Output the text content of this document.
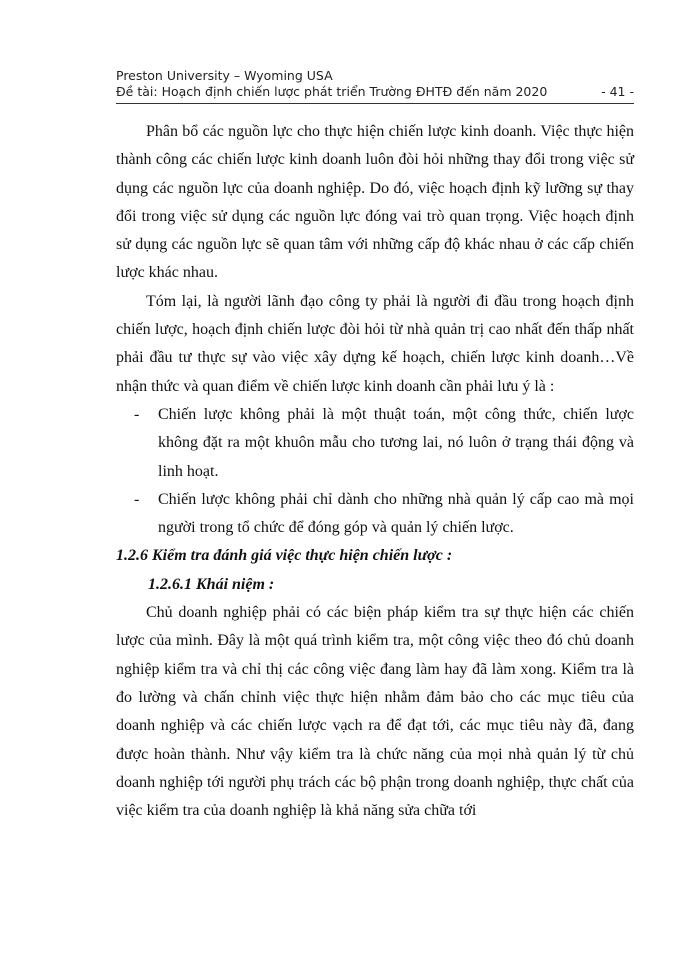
Preston University – Wyoming USA
Đề tài: Hoạch định chiến lược phát triển Trường ĐHTĐ đến năm 2020	- 41 -

Phân bổ các nguồn lực cho thực hiện chiến lược kinh doanh. Việc thực hiện thành công các chiến lược kinh doanh luôn đòi hỏi những thay đổi trong việc sử dụng các nguồn lực của doanh nghiệp. Do đó, việc hoạch định kỹ lưỡng sự thay đổi trong việc sử dụng các nguồn lực đóng vai trò quan trọng. Việc hoạch định sử dụng các nguồn lực sẽ quan tâm với những cấp độ khác nhau ở các cấp chiến lược khác nhau.

Tóm lại, là người lãnh đạo công ty phải là người đi đầu trong hoạch định chiến lược, hoạch định chiến lược đòi hỏi từ nhà quản trị cao nhất đến thấp nhất phải đầu tư thực sự vào việc xây dựng kế hoạch, chiến lược kinh doanh…Về nhận thức và quan điểm về chiến lược kinh doanh cần phải lưu ý là :

-	Chiến lược không phải là một thuật toán, một công thức, chiến lược không đặt ra một khuôn mẫu cho tương lai, nó luôn ở trạng thái động và linh hoạt.
-	Chiến lược không phải chỉ dành cho những nhà quản lý cấp cao mà mọi người trong tổ chức để đóng góp và quản lý chiến lược.

1.2.6 Kiểm tra đánh giá việc thực hiện chiến lược :

1.2.6.1 Khái niệm :

Chủ doanh nghiệp phải có các biện pháp kiểm tra sự thực hiện các chiến lược của mình. Đây là một quá trình kiểm tra, một công việc theo đó chủ doanh nghiệp kiểm tra và chỉ thị các công việc đang làm hay đã làm xong. Kiểm tra là đo lường và chấn chỉnh việc thực hiện nhằm đảm bảo cho các mục tiêu của doanh nghiệp và các chiến lược vạch ra để đạt tới, các mục tiêu này đã, đang được hoàn thành. Như vậy kiểm tra là chức năng của mọi nhà quản lý từ chủ doanh nghiệp tới người phụ trách các bộ phận trong doanh nghiệp, thực chất của việc kiểm tra của doanh nghiệp là khả năng sửa chữa tới
